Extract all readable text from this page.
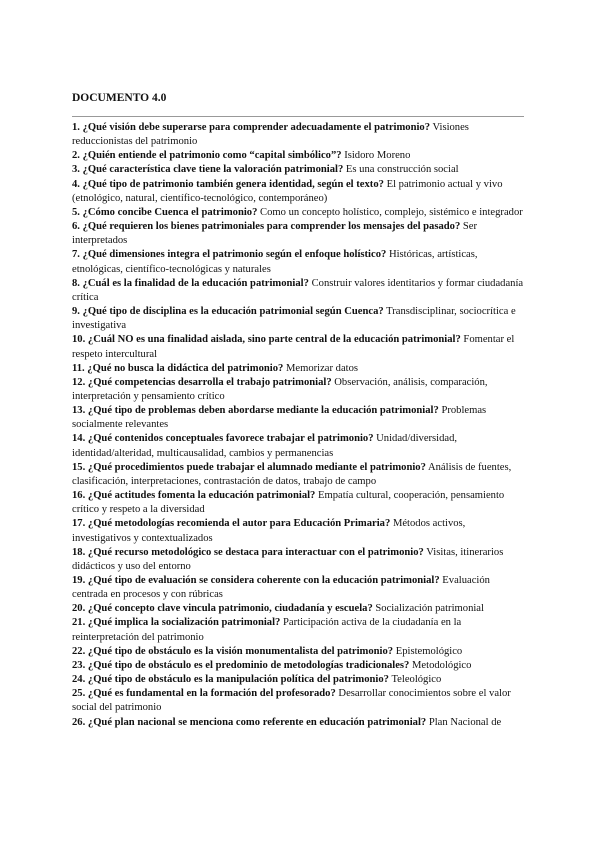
DOCUMENTO 4.0

1. ¿Qué visión debe superarse para comprender adecuadamente el patrimonio? Visiones reduccionistas del patrimonio

2. ¿Quién entiende el patrimonio como “capital simbólico”? Isidoro Moreno

3. ¿Qué característica clave tiene la valoración patrimonial? Es una construcción social

4. ¿Qué tipo de patrimonio también genera identidad, según el texto? El patrimonio actual y vivo (etnológico, natural, científico-tecnológico, contemporáneo)

5. ¿Cómo concibe Cuenca el patrimonio? Como un concepto holístico, complejo, sistémico e integrador

6. ¿Qué requieren los bienes patrimoniales para comprender los mensajes del pasado? Ser interpretados

7. ¿Qué dimensiones integra el patrimonio según el enfoque holístico? Históricas, artísticas, etnológicas, científico-tecnológicas y naturales

8. ¿Cuál es la finalidad de la educación patrimonial? Construir valores identitarios y formar ciudadanía crítica

9. ¿Qué tipo de disciplina es la educación patrimonial según Cuenca? Transdisciplinar, sociocrítica e investigativa

10. ¿Cuál NO es una finalidad aislada, sino parte central de la educación patrimonial? Fomentar el respeto intercultural

11. ¿Qué no busca la didáctica del patrimonio? Memorizar datos

12. ¿Qué competencias desarrolla el trabajo patrimonial? Observación, análisis, comparación, interpretación y pensamiento crítico

13. ¿Qué tipo de problemas deben abordarse mediante la educación patrimonial? Problemas socialmente relevantes

14. ¿Qué contenidos conceptuales favorece trabajar el patrimonio? Unidad/diversidad, identidad/alteridad, multicausalidad, cambios y permanencias

15. ¿Qué procedimientos puede trabajar el alumnado mediante el patrimonio? Análisis de fuentes, clasificación, interpretaciones, contrastación de datos, trabajo de campo

16. ¿Qué actitudes fomenta la educación patrimonial? Empatía cultural, cooperación, pensamiento crítico y respeto a la diversidad

17. ¿Qué metodologías recomienda el autor para Educación Primaria? Métodos activos, investigativos y contextualizados

18. ¿Qué recurso metodológico se destaca para interactuar con el patrimonio? Visitas, itinerarios didácticos y uso del entorno

19. ¿Qué tipo de evaluación se considera coherente con la educación patrimonial? Evaluación centrada en procesos y con rúbricas

20. ¿Qué concepto clave vincula patrimonio, ciudadanía y escuela? Socialización patrimonial

21. ¿Qué implica la socialización patrimonial? Participación activa de la ciudadanía en la reinterpretación del patrimonio

22. ¿Qué tipo de obstáculo es la visión monumentalista del patrimonio? Epistemológico

23. ¿Qué tipo de obstáculo es el predominio de metodologías tradicionales? Metodológico

24. ¿Qué tipo de obstáculo es la manipulación política del patrimonio? Teleológico

25. ¿Qué es fundamental en la formación del profesorado? Desarrollar conocimientos sobre el valor social del patrimonio

26. ¿Qué plan nacional se menciona como referente en educación patrimonial? Plan Nacional de
